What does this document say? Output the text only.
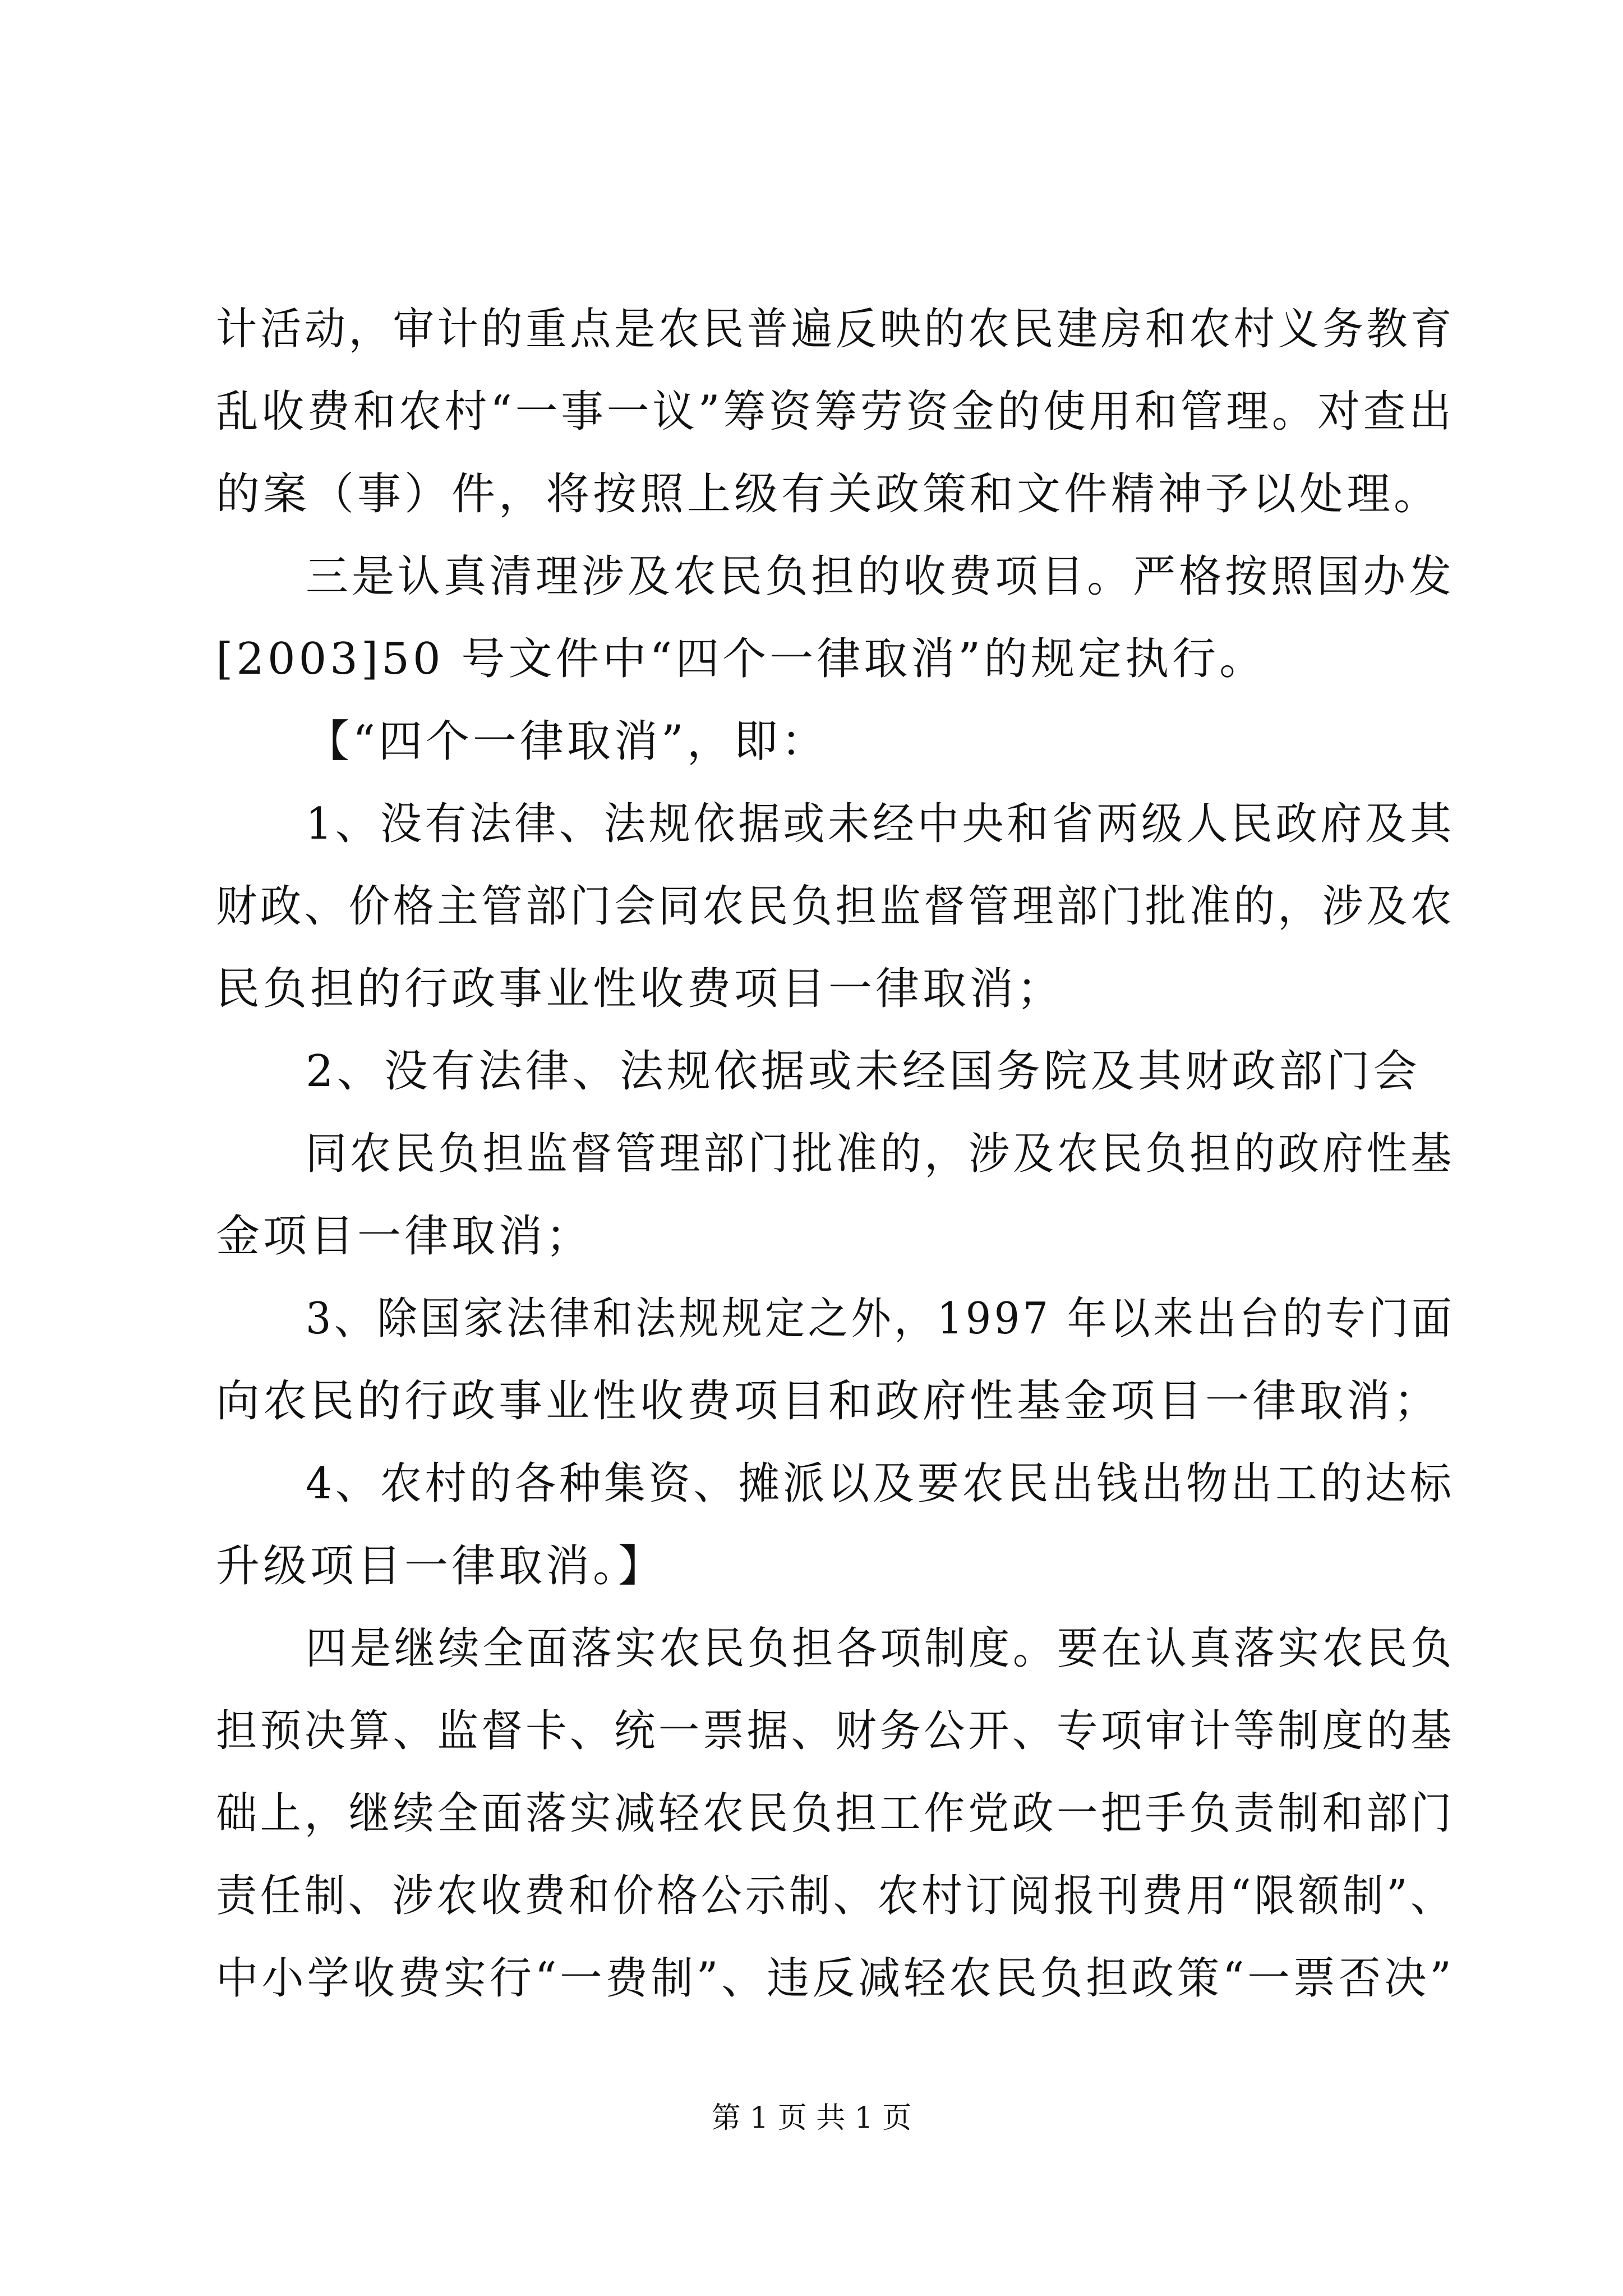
计活动，审计的重点是农民普遍反映的农民建房和农村义务教育
乱收费和农村“一事一议”筹资筹劳资金的使用和管理。对查出
的案（事）件，将按照上级有关政策和文件精神予以处理。
三是认真清理涉及农民负担的收费项目。严格按照国办发
[2003]50 号文件中“四个一律取消”的规定执行。
【“四个一律取消”，即：
1、没有法律、法规依据或未经中央和省两级人民政府及其
财政、价格主管部门会同农民负担监督管理部门批准的，涉及农
民负担的行政事业性收费项目一律取消；
2、没有法律、法规依据或未经国务院及其财政部门会
同农民负担监督管理部门批准的，涉及农民负担的政府性基
金项目一律取消；
3、除国家法律和法规规定之外，1997 年以来出台的专门面
向农民的行政事业性收费项目和政府性基金项目一律取消；
4、农村的各种集资、摊派以及要农民出钱出物出工的达标
升级项目一律取消。】
四是继续全面落实农民负担各项制度。要在认真落实农民负
担预决算、监督卡、统一票据、财务公开、专项审计等制度的基
础上，继续全面落实减轻农民负担工作党政一把手负责制和部门
责任制、涉农收费和价格公示制、农村订阅报刊费用“限额制”、
中小学收费实行“一费制”、违反减轻农民负担政策“一票否决”
第 1 页 共 1 页
